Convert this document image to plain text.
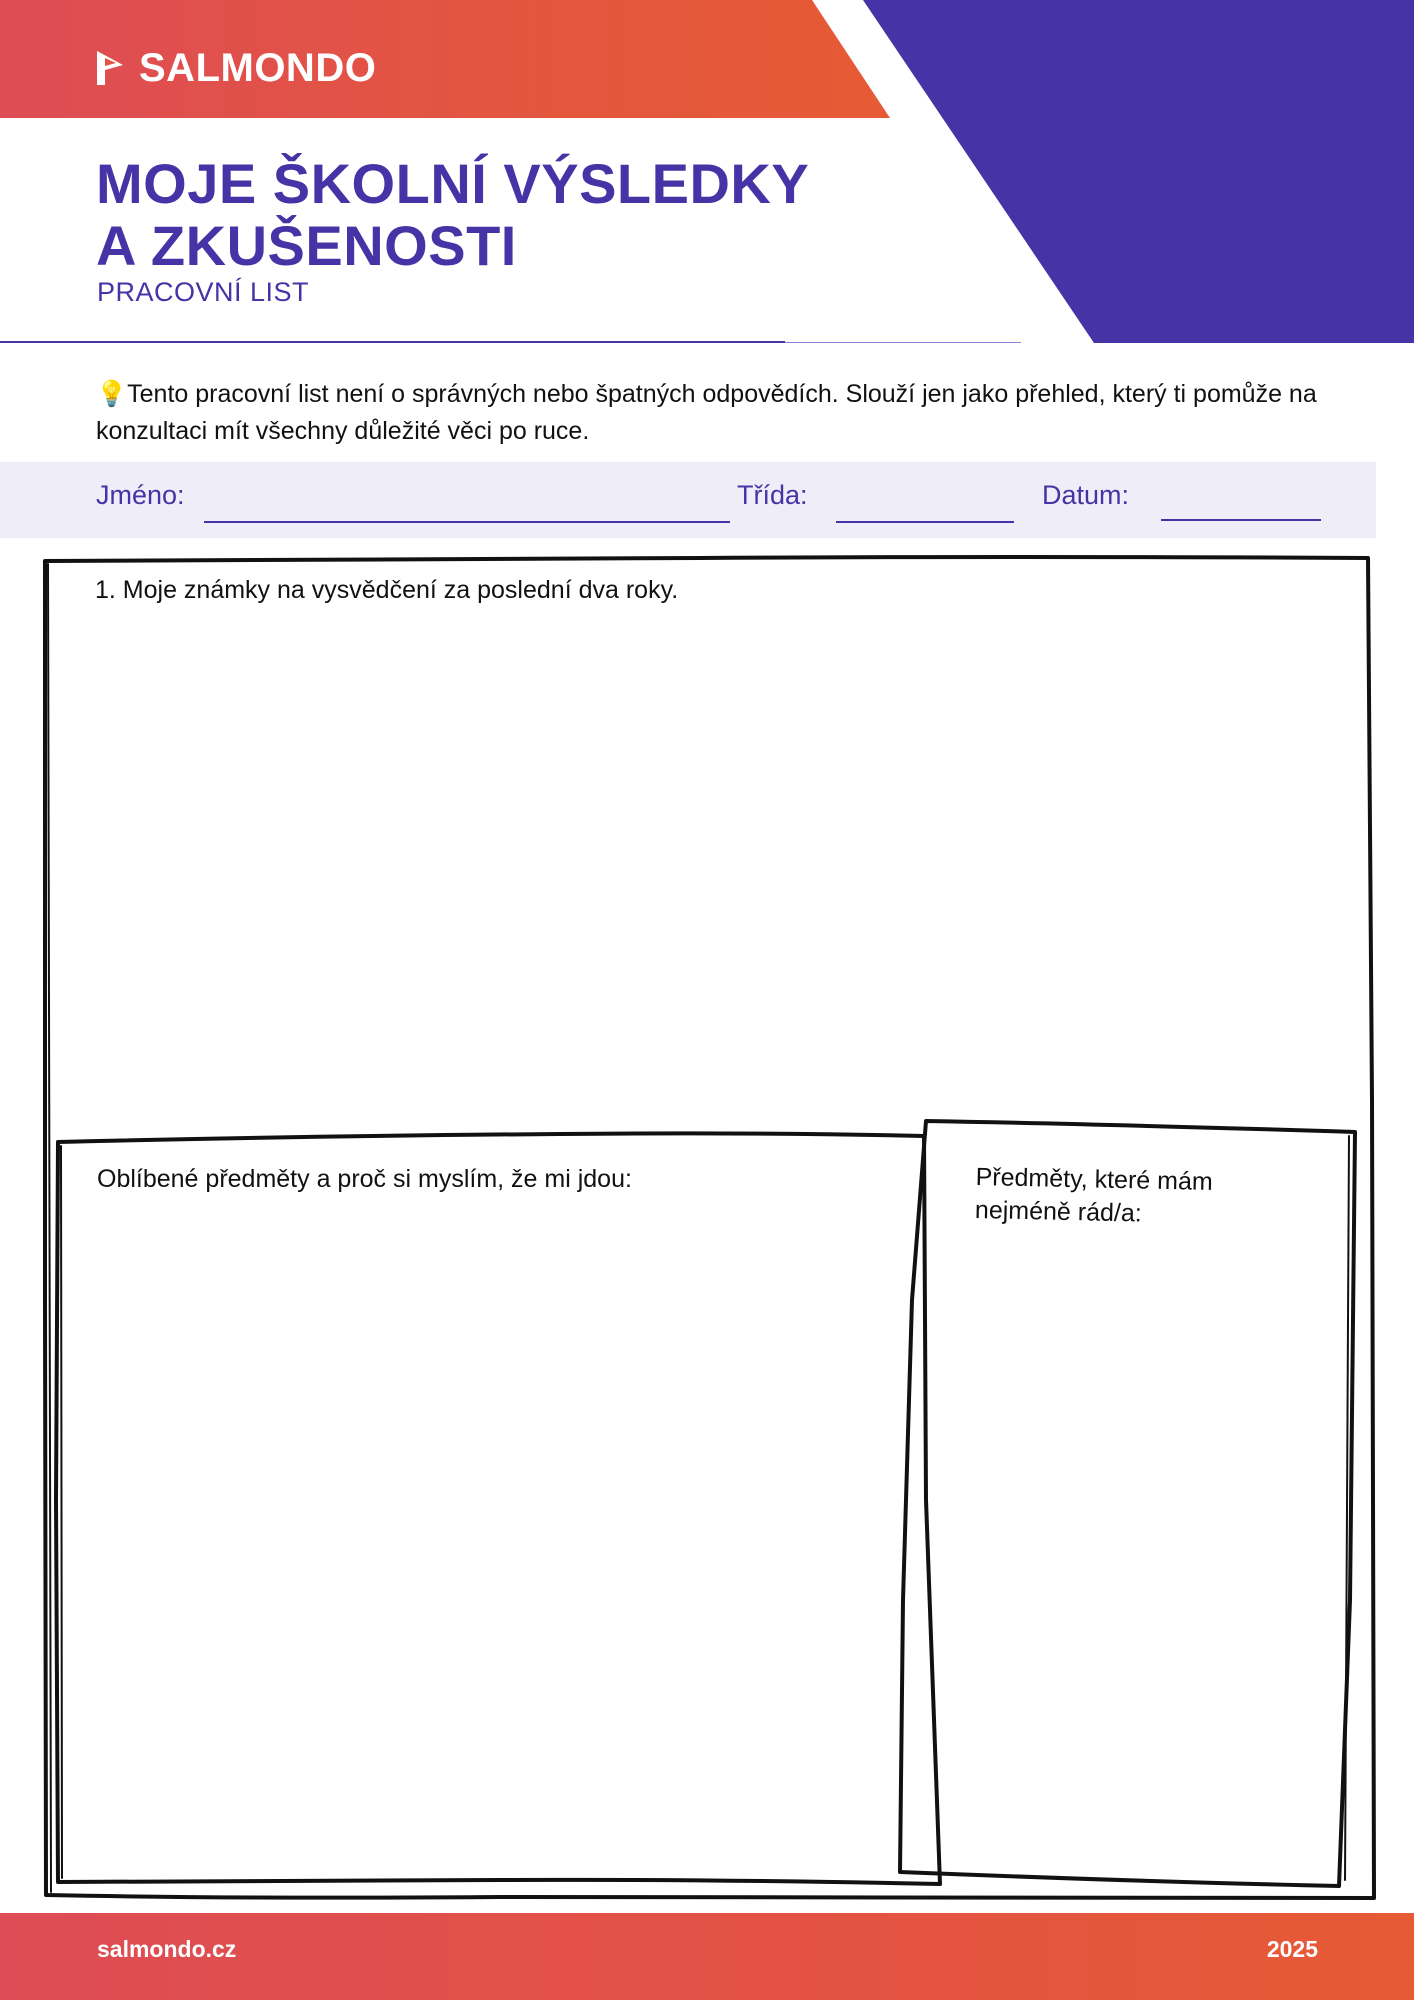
SALMONDO
MOJE ŠKOLNÍ VÝSLEDKY
A ZKUŠENOSTI
PRACOVNÍ LIST
💡Tento pracovní list není o správných nebo špatných odpovědích. Slouží jen jako přehled, který ti pomůže na konzultaci mít všechny důležité věci po ruce.
Jméno:	Třída:	Datum:
1. Moje známky na vysvědčení za poslední dva roky.
Oblíbené předměty a proč si myslím, že mi jdou:	Předměty, které mám
nejméně rád/a:
salmondo.cz	2025
